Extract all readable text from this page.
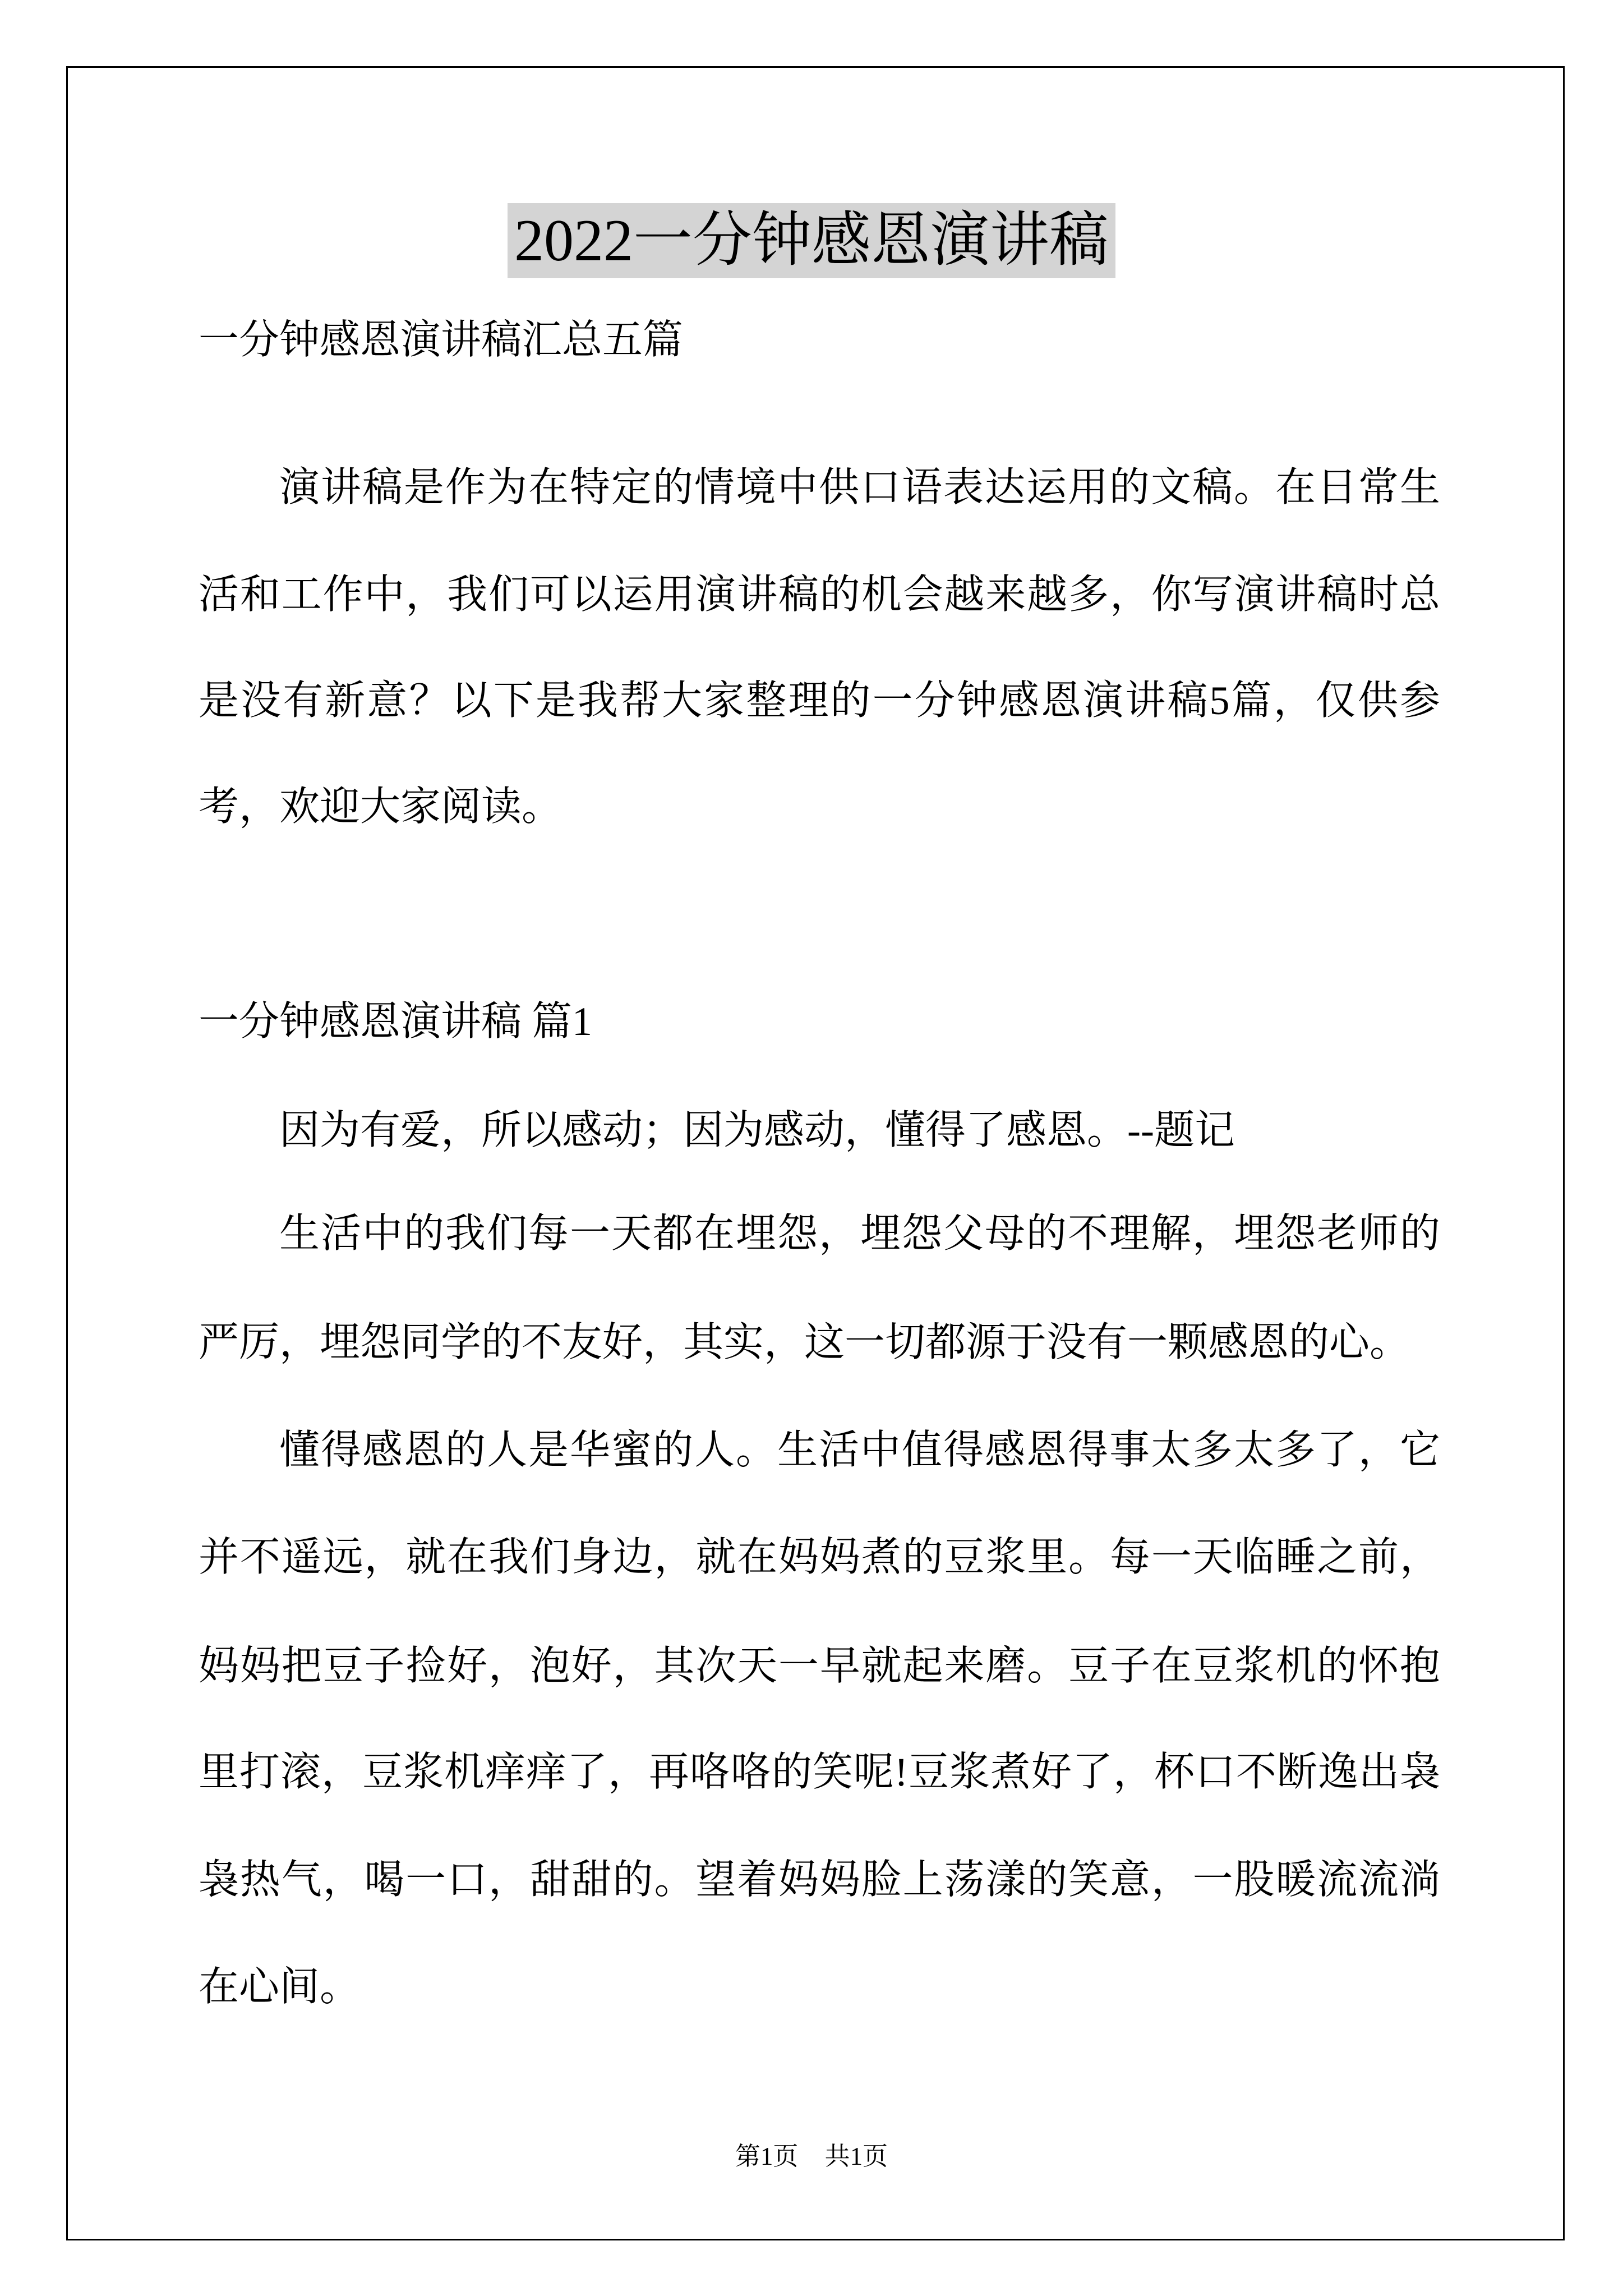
2022一分钟感恩演讲稿
一分钟感恩演讲稿汇总五篇
演讲稿是作为在特定的情境中供口语表达运用的文稿。在日常生
活和工作中，我们可以运用演讲稿的机会越来越多，你写演讲稿时总
是没有新意？以下是我帮大家整理的一分钟感恩演讲稿5篇，仅供参
考，欢迎大家阅读。
一分钟感恩演讲稿 篇1
因为有爱，所以感动；因为感动，懂得了感恩。--题记
生活中的我们每一天都在埋怨，埋怨父母的不理解，埋怨老师的
严厉，埋怨同学的不友好，其实，这一切都源于没有一颗感恩的心。
懂得感恩的人是华蜜的人。生活中值得感恩得事太多太多了，它
并不遥远，就在我们身边，就在妈妈煮的豆浆里。每一天临睡之前，
妈妈把豆子捡好，泡好，其次天一早就起来磨。豆子在豆浆机的怀抱
里打滚，豆浆机痒痒了，再咯咯的笑呢!豆浆煮好了，杯口不断逸出袅
袅热气，喝一口，甜甜的。望着妈妈脸上荡漾的笑意，一股暖流流淌
在心间。
第1页 共1页
